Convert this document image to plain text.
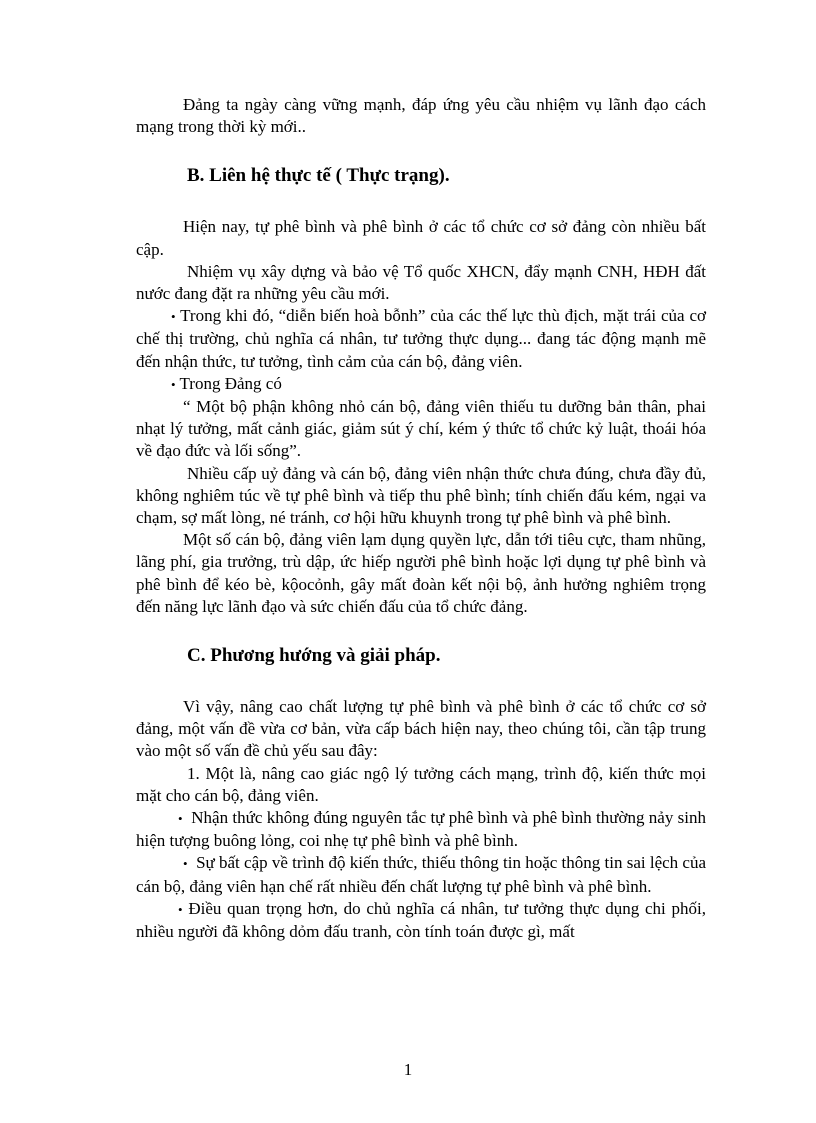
Đảng ta ngày càng vững mạnh, đáp ứng yêu cầu nhiệm vụ lãnh đạo cách mạng trong thời kỳ mới..

B. Liên hệ thực tế ( Thực trạng).

Hiện nay, tự phê bình và phê bình ở các tổ chức cơ sở đảng còn nhiều bất cập.

Nhiệm vụ xây dựng và bảo vệ Tổ quốc XHCN, đẩy mạnh CNH, HĐH đất nước đang đặt ra những yêu cầu mới.

• Trong khi đó, “diễn biến hoà bỗnh” của các thế lực thù địch, mặt trái của cơ chế thị trường, chủ nghĩa cá nhân, tư tưởng thực dụng... đang tác động mạnh mẽ đến nhận thức, tư tưởng, tình cảm của cán bộ, đảng viên.

• Trong Đảng có

“ Một bộ phận không nhỏ cán bộ, đảng viên thiếu tu dưỡng bản thân, phai nhạt lý tưởng, mất cảnh giác, giảm sút ý chí, kém ý thức tổ chức kỷ luật, thoái hóa về đạo đức và lối sống”.

Nhiều cấp uỷ đảng và cán bộ, đảng viên nhận thức chưa đúng, chưa đầy đủ, không nghiêm túc về tự phê bình và tiếp thu phê bình; tính chiến đấu kém, ngại va chạm, sợ mất lòng, né tránh, cơ hội hữu khuynh trong tự phê bình và phê bình.

Một số cán bộ, đảng viên lạm dụng quyền lực, dẫn tới tiêu cực, tham nhũng, lãng phí, gia trưởng, trù dập, ức hiếp người phê bình hoặc lợi dụng tự phê bình và phê bình để kéo bè, kộocỏnh, gây mất đoàn kết nội bộ, ảnh hưởng nghiêm trọng đến năng lực lãnh đạo và sức chiến đấu của tổ chức đảng.

C. Phương hướng và giải pháp.

Vì vậy, nâng cao chất lượng tự phê bình và phê bình ở các tổ chức cơ sở đảng, một vấn đề vừa cơ bản, vừa cấp bách hiện nay, theo chúng tôi, cần tập trung vào một số vấn đề chủ yếu sau đây:

1. Một là, nâng cao giác ngộ lý tưởng cách mạng, trình độ, kiến thức mọi mặt cho cán bộ, đảng viên.

• Nhận thức không đúng nguyên tắc tự phê bình và phê bình thường nảy sinh hiện tượng buông lỏng, coi nhẹ tự phê bình và phê bình.

• Sự bất cập về trình độ kiến thức, thiếu thông tin hoặc thông tin sai lệch của cán bộ, đảng viên hạn chế rất nhiều đến chất lượng tự phê bình và phê bình.

• Điều quan trọng hơn, do chủ nghĩa cá nhân, tư tưởng thực dụng chi phối, nhiều người đã không dỏm đấu tranh, còn tính toán được gì, mất

1
